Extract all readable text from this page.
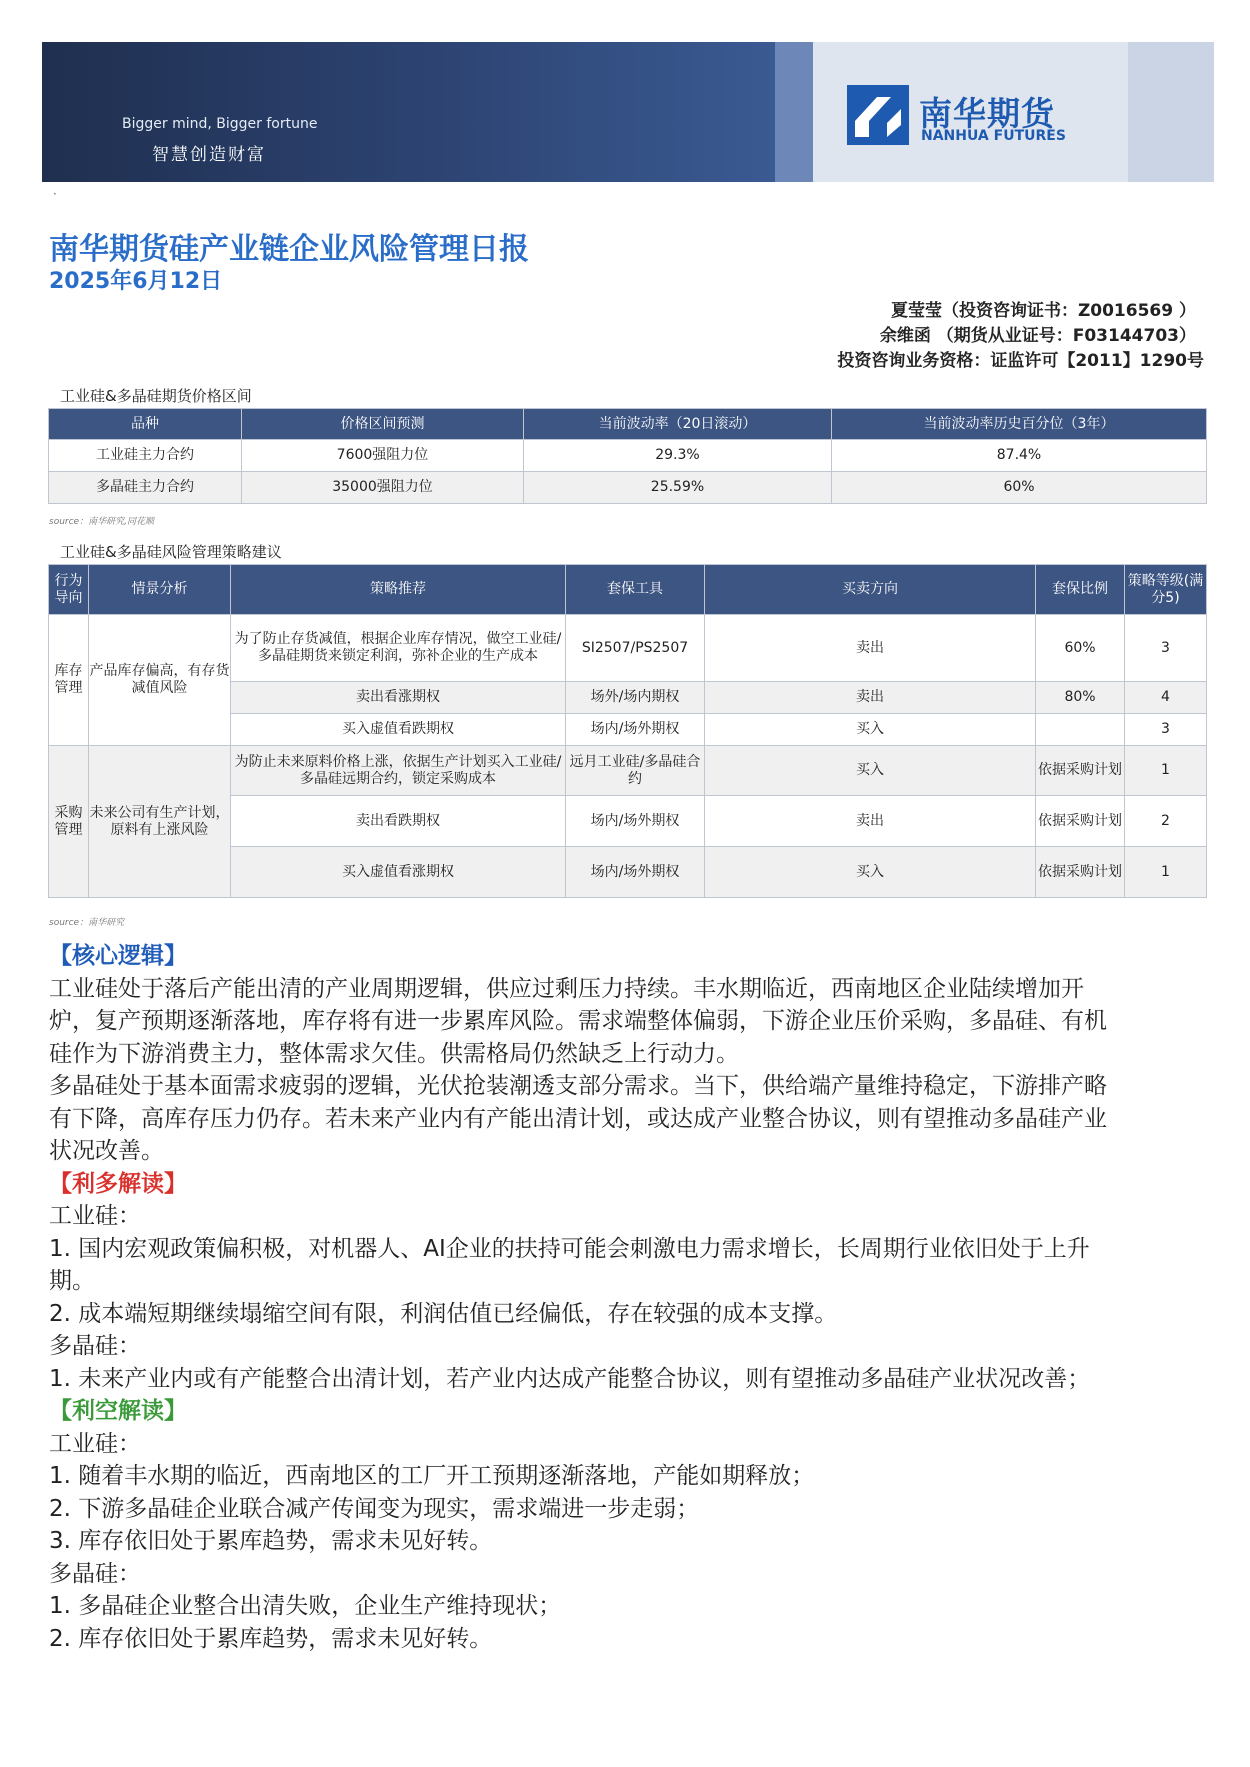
Bigger mind, Bigger fortune
智慧创造财富
南华期货
NANHUA FUTURES
·
南华期货硅产业链企业风险管理日报
2025年6月12日
夏莹莹（投资咨询证书：Z0016569 ）
余维函 （期货从业证号：F03144703）
投资咨询业务资格：证监许可【2011】1290号
工业硅&多晶硅期货价格区间
品种	价格区间预测	当前波动率（20日滚动）	当前波动率历史百分位（3年）
工业硅主力合约	7600强阻力位	29.3%	87.4%
多晶硅主力合约	35000强阻力位	25.59%	60%
source：南华研究,同花顺
工业硅&多晶硅风险管理策略建议
行为导向	情景分析	策略推荐	套保工具	买卖方向	套保比例	策略等级(满分5)
库存管理	产品库存偏高，有存货减值风险	为了防止存货减值，根据企业库存情况，做空工业硅/多晶硅期货来锁定利润，弥补企业的生产成本	SI2507/PS2507	卖出	60%	3
		卖出看涨期权	场外/场内期权	卖出	80%	4
		买入虚值看跌期权	场内/场外期权	买入		3
采购管理	未来公司有生产计划，原料有上涨风险	为防止未来原料价格上涨，依据生产计划买入工业硅/多晶硅远期合约，锁定采购成本	远月工业硅/多晶硅合约	买入	依据采购计划	1
		卖出看跌期权	场内/场外期权	卖出	依据采购计划	2
		买入虚值看涨期权	场内/场外期权	买入	依据采购计划	1
source：南华研究
【核心逻辑】
工业硅处于落后产能出清的产业周期逻辑，供应过剩压力持续。丰水期临近，西南地区企业陆续增加开
炉，复产预期逐渐落地，库存将有进一步累库风险。需求端整体偏弱，下游企业压价采购，多晶硅、有机
硅作为下游消费主力，整体需求欠佳。供需格局仍然缺乏上行动力。
多晶硅处于基本面需求疲弱的逻辑，光伏抢装潮透支部分需求。当下，供给端产量维持稳定，下游排产略
有下降，高库存压力仍存。若未来产业内有产能出清计划，或达成产业整合协议，则有望推动多晶硅产业
状况改善。
【利多解读】
工业硅：
1. 国内宏观政策偏积极，对机器人、AI企业的扶持可能会刺激电力需求增长，长周期行业依旧处于上升
期。
2. 成本端短期继续塌缩空间有限，利润估值已经偏低，存在较强的成本支撑。
多晶硅：
1. 未来产业内或有产能整合出清计划，若产业内达成产能整合协议，则有望推动多晶硅产业状况改善；
【利空解读】
工业硅：
1. 随着丰水期的临近，西南地区的工厂开工预期逐渐落地，产能如期释放；
2. 下游多晶硅企业联合减产传闻变为现实，需求端进一步走弱；
3. 库存依旧处于累库趋势，需求未见好转。
多晶硅：
1. 多晶硅企业整合出清失败，企业生产维持现状；
2. 库存依旧处于累库趋势，需求未见好转。
